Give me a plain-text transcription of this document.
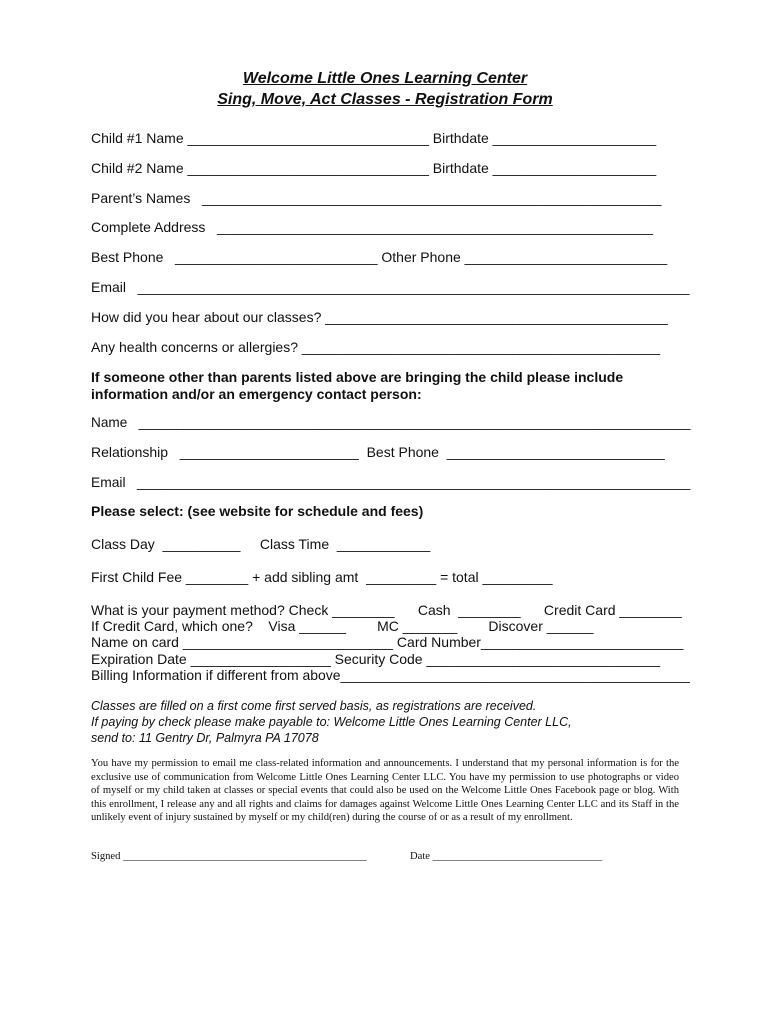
Welcome Little Ones Learning Center
Sing, Move, Act Classes - Registration Form
Child #1 Name _______________________________ Birthdate _____________________
Child #2 Name _______________________________ Birthdate _____________________
Parent’s Names   ___________________________________________________________
Complete Address   ________________________________________________________
Best Phone   __________________________ Other Phone __________________________
Email   _______________________________________________________________________
How did you hear about our classes? ____________________________________________
Any health concerns or allergies? ______________________________________________
If someone other than parents listed above are bringing the child please include
information and/or an emergency contact person:
Name   _________________________________________________________________________
Relationship   _______________________  Best Phone  ____________________________
Email   ________________________________________________________________________
Please select: (see website for schedule and fees)
Class Day  __________     Class Time  ____________
First Child Fee ________ + add sibling amt  _________ = total _________
What is your payment method? Check ________      Cash  ________      Credit Card ________
If Credit Card, which one?    Visa ______        MC _______        Discover ______
Name on card ___________________________ Card Number__________________________
Expiration Date __________________ Security Code ______________________________
Billing Information if different from above_____________________________________________
Classes are filled on a first come first served basis, as registrations are received.
If paying by check please make payable to: Welcome Little Ones Learning Center LLC,
send to: 11 Gentry Dr, Palmyra PA 17078
You have my permission to email me class-related information and announcements. I understand that my personal information is for the exclusive use of communication from Welcome Little Ones Learning Center LLC. You have my permission to use photographs or video of myself or my child taken at classes or special events that could also be used on the Welcome Little Ones Facebook page or blog. With this enrollment, I release any and all rights and claims for damages against Welcome Little Ones Learning Center LLC and its Staff in the unlikely event of injury sustained by myself or my child(ren) during the course of or as a result of my enrollment.
Signed ______________________________________________	Date ________________________________
